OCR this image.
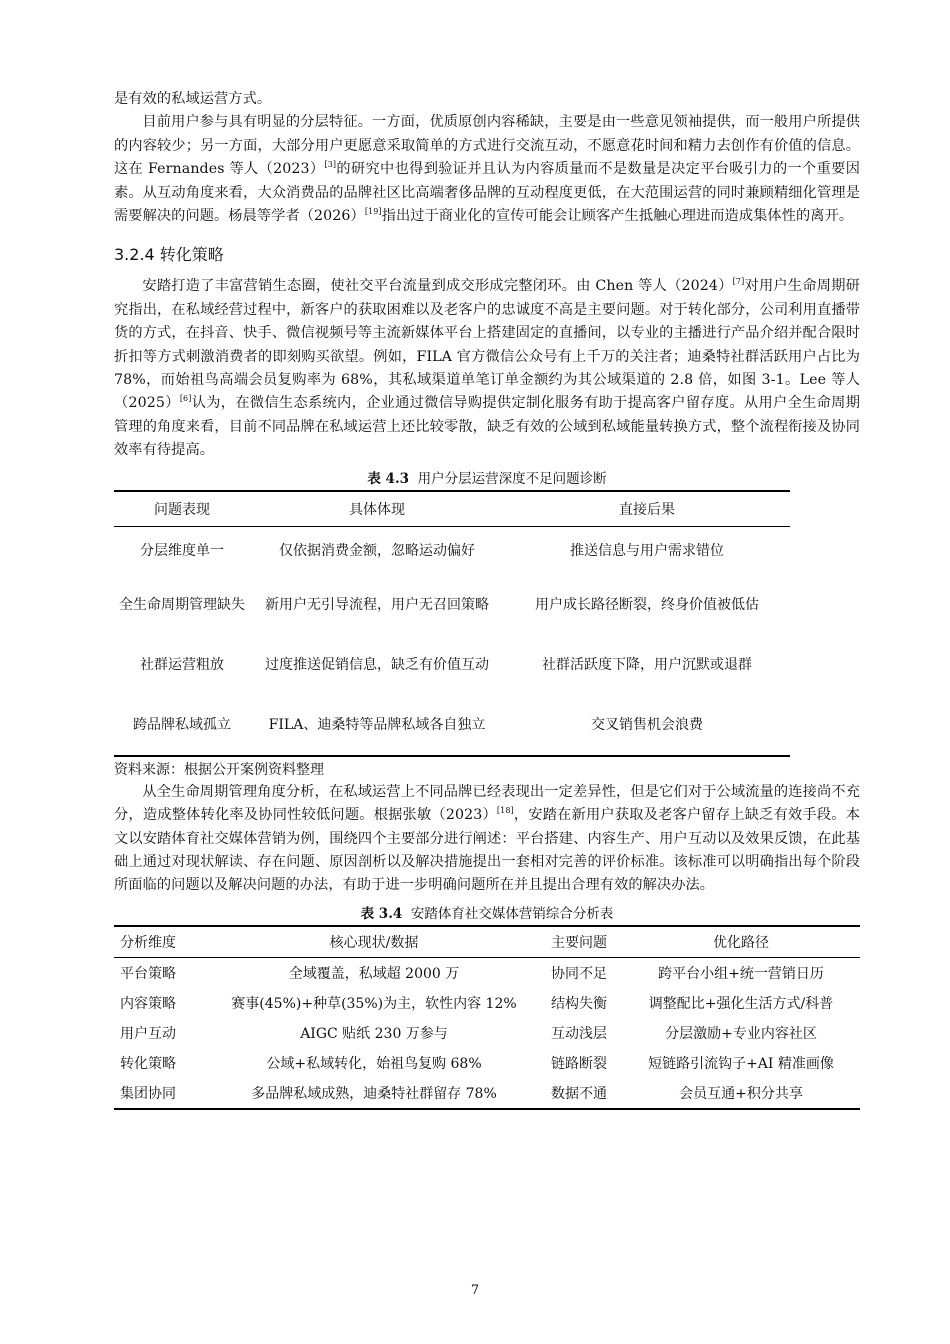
是有效的私域运营方式。

目前用户参与具有明显的分层特征。一方面，优质原创内容稀缺，主要是由一些意见领袖提供，而一般用户所提供的内容较少；另一方面，大部分用户更愿意采取简单的方式进行交流互动，不愿意花时间和精力去创作有价值的信息。这在 Fernandes 等人（2023）[3]的研究中也得到验证并且认为内容质量而不是数量是决定平台吸引力的一个重要因素。从互动角度来看，大众消费品的品牌社区比高端奢侈品牌的互动程度更低，在大范围运营的同时兼顾精细化管理是需要解决的问题。杨晨等学者（2026）[19]指出过于商业化的宣传可能会让顾客产生抵触心理进而造成集体性的离开。

3.2.4 转化策略

安踏打造了丰富营销生态圈，使社交平台流量到成交形成完整闭环。由 Chen 等人（2024）[7]对用户生命周期研究指出，在私域经营过程中，新客户的获取困难以及老客户的忠诚度不高是主要问题。对于转化部分，公司利用直播带货的方式，在抖音、快手、微信视频号等主流新媒体平台上搭建固定的直播间，以专业的主播进行产品介绍并配合限时折扣等方式刺激消费者的即刻购买欲望。例如，FILA 官方微信公众号有上千万的关注者；迪桑特社群活跃用户占比为 78%，而始祖鸟高端会员复购率为 68%，其私域渠道单笔订单金额约为其公域渠道的 2.8 倍，如图 3-1。Lee 等人（2025）[6]认为，在微信生态系统内，企业通过微信导购提供定制化服务有助于提高客户留存度。从用户全生命周期管理的角度来看，目前不同品牌在私域运营上还比较零散，缺乏有效的公域到私域能量转换方式，整个流程衔接及协同效率有待提高。

表 4.3 用户分层运营深度不足问题诊断
问题表现	具体体现	直接后果
分层维度单一	仅依据消费金额，忽略运动偏好	推送信息与用户需求错位
全生命周期管理缺失	新用户无引导流程，用户无召回策略	用户成长路径断裂，终身价值被低估
社群运营粗放	过度推送促销信息，缺乏有价值互动	社群活跃度下降，用户沉默或退群
跨品牌私域孤立	FILA、迪桑特等品牌私域各自独立	交叉销售机会浪费
资料来源：根据公开案例资料整理

从全生命周期管理角度分析，在私域运营上不同品牌已经表现出一定差异性，但是它们对于公域流量的连接尚不充分，造成整体转化率及协同性较低问题。根据张敏（2023）[18]，安踏在新用户获取及老客户留存上缺乏有效手段。本文以安踏体育社交媒体营销为例，围绕四个主要部分进行阐述：平台搭建、内容生产、用户互动以及效果反馈，在此基础上通过对现状解读、存在问题、原因剖析以及解决措施提出一套相对完善的评价标准。该标准可以明确指出每个阶段所面临的问题以及解决问题的办法，有助于进一步明确问题所在并且提出合理有效的解决办法。

表 3.4 安踏体育社交媒体营销综合分析表
分析维度	核心现状/数据	主要问题	优化路径
平台策略	全域覆盖，私域超 2000 万	协同不足	跨平台小组+统一营销日历
内容策略	赛事(45%)+种草(35%)为主，软性内容 12%	结构失衡	调整配比+强化生活方式/科普
用户互动	AIGC 贴纸 230 万参与	互动浅层	分层激励+专业内容社区
转化策略	公域+私域转化，始祖鸟复购 68%	链路断裂	短链路引流钩子+AI 精准画像
集团协同	多品牌私域成熟，迪桑特社群留存 78%	数据不通	会员互通+积分共享
7
